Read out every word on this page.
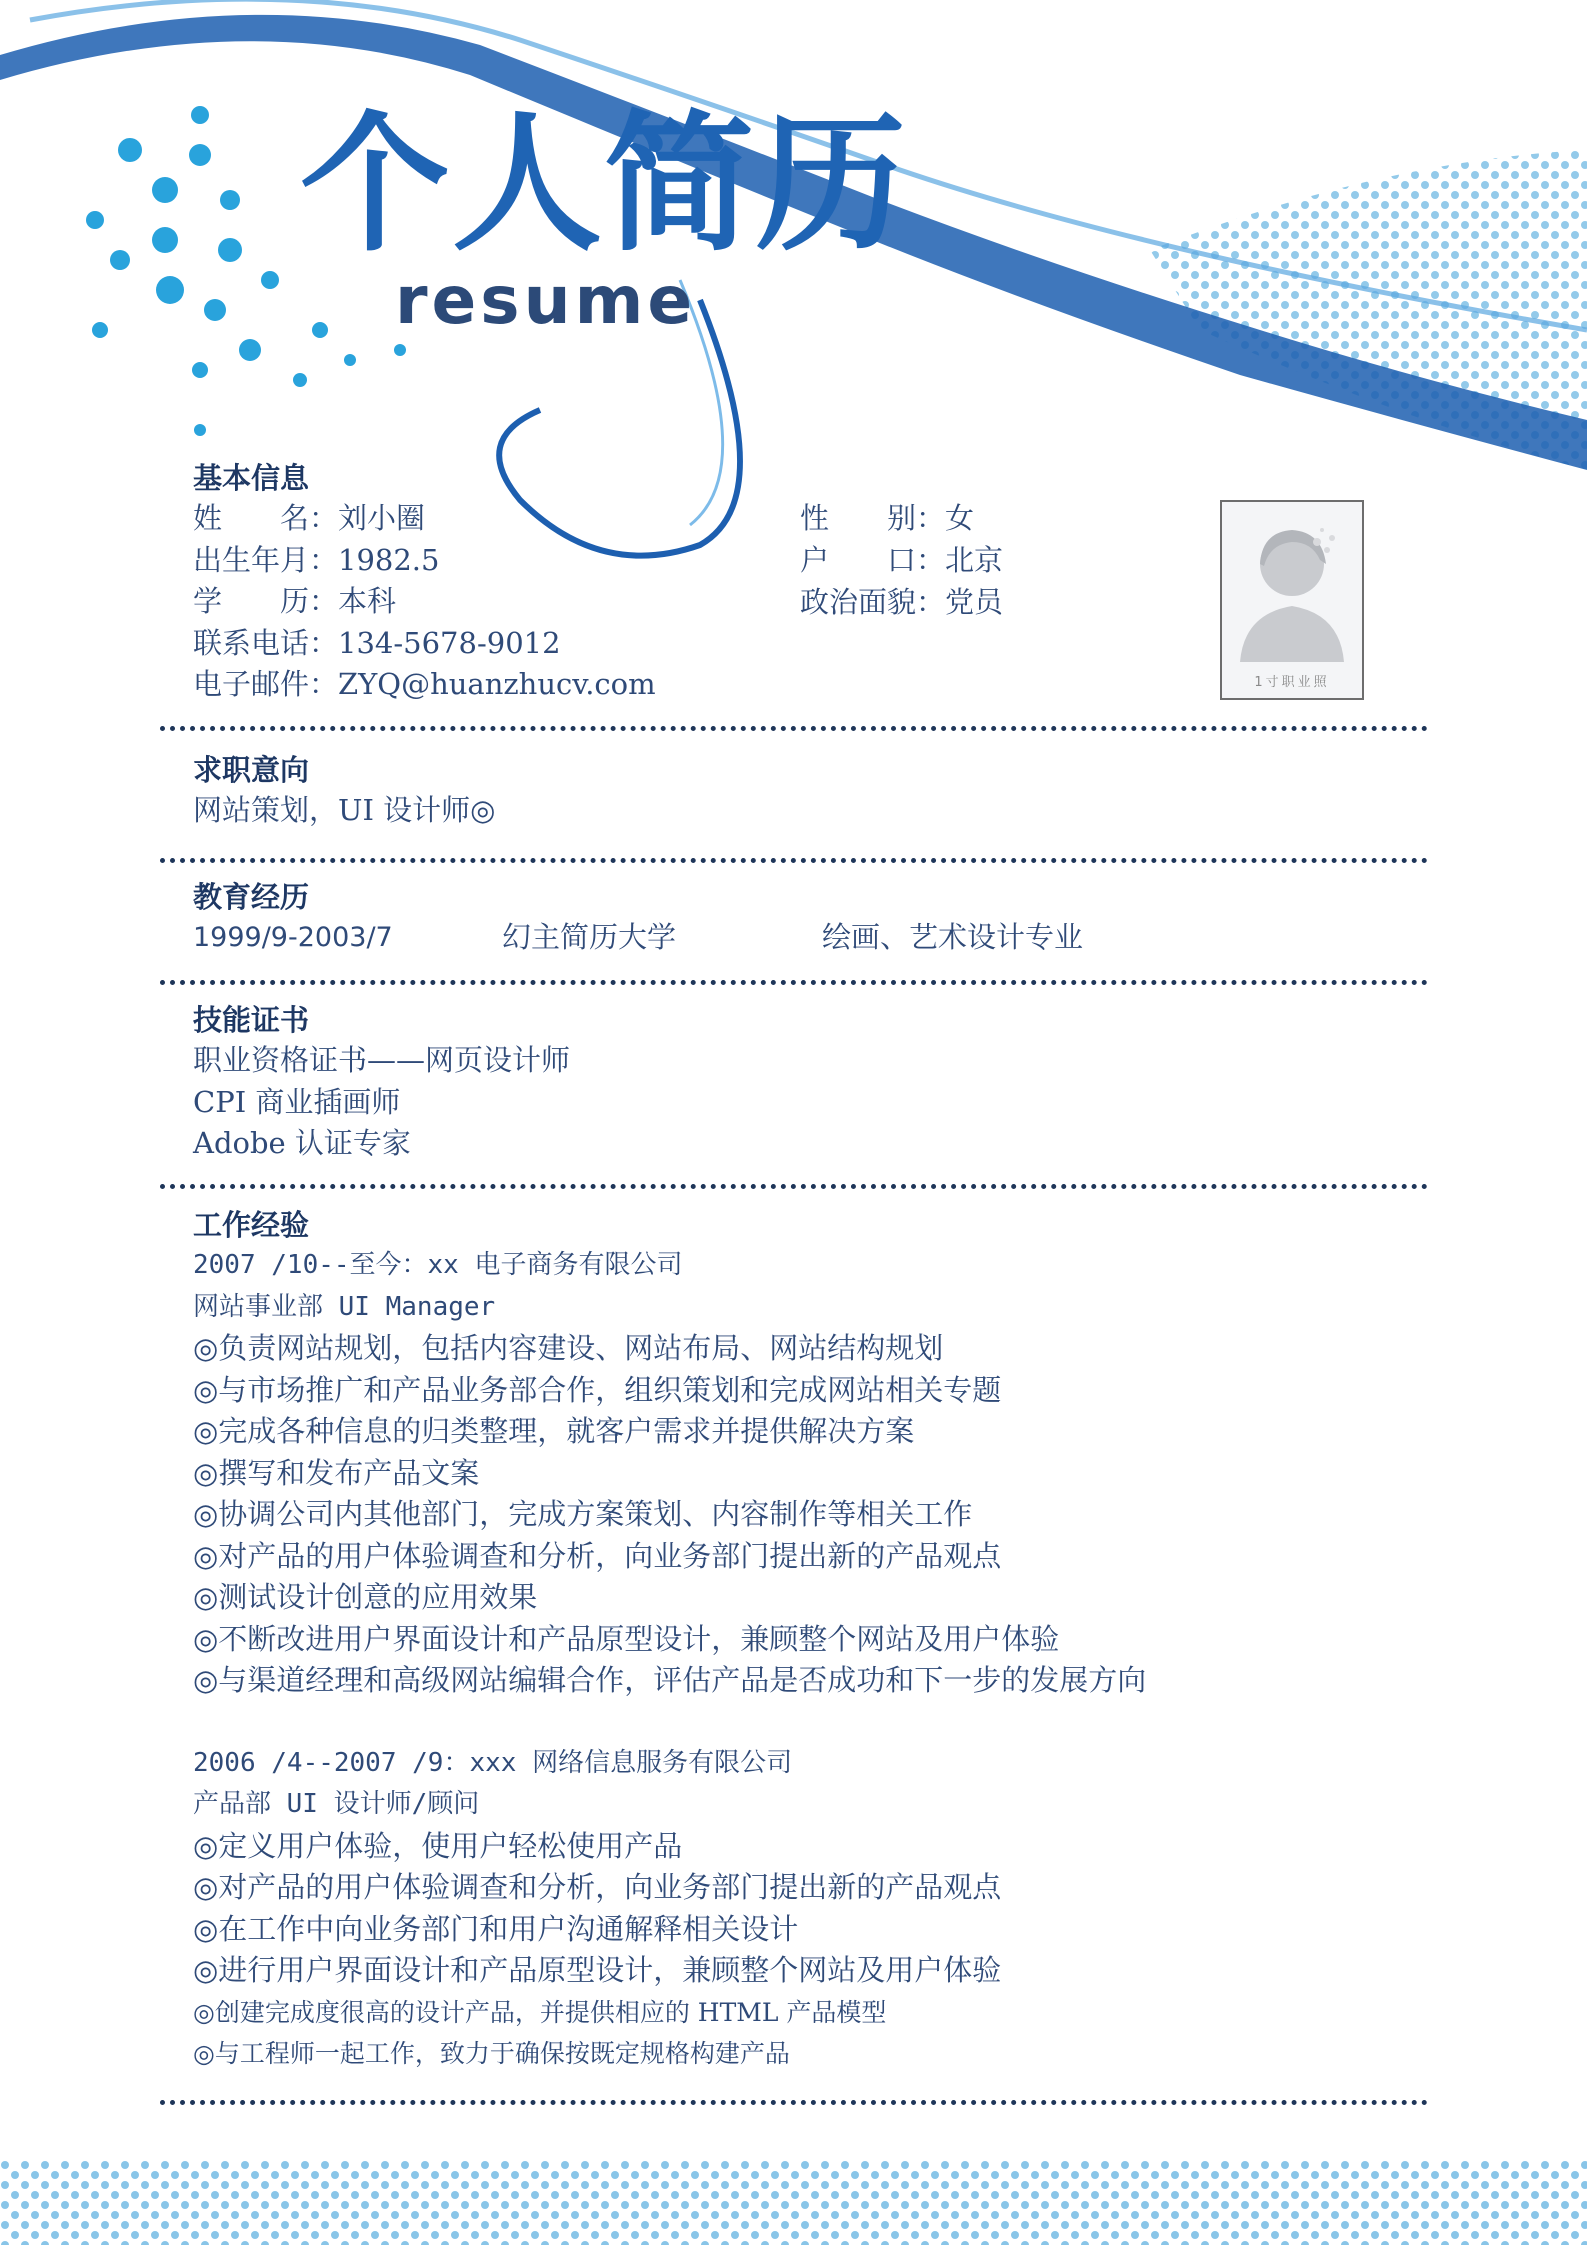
个人简历
resume
基本信息
姓　　名：刘小圈
出生年月：1982.5
学　　历：本科
联系电话：134-5678-9012
电子邮件：ZYQ@huanzhucv.com
性　　别：女
户　　口：北京
政治面貌：党员
1寸职业照
求职意向
网站策划，UI 设计师◎
教育经历
1999/9-2003/7	幻主简历大学	绘画、艺术设计专业
技能证书
职业资格证书——网页设计师
CPI 商业插画师
Adobe 认证专家
工作经验
2007 /10--至今：xx 电子商务有限公司
网站事业部 UI Manager
◎负责网站规划，包括内容建设、网站布局、网站结构规划
◎与市场推广和产品业务部合作，组织策划和完成网站相关专题
◎完成各种信息的归类整理，就客户需求并提供解决方案
◎撰写和发布产品文案
◎协调公司内其他部门，完成方案策划、内容制作等相关工作
◎对产品的用户体验调查和分析，向业务部门提出新的产品观点
◎测试设计创意的应用效果
◎不断改进用户界面设计和产品原型设计，兼顾整个网站及用户体验
◎与渠道经理和高级网站编辑合作，评估产品是否成功和下一步的发展方向
2006 /4--2007 /9：xxx 网络信息服务有限公司
产品部 UI 设计师/顾问
◎定义用户体验，使用户轻松使用产品
◎对产品的用户体验调查和分析，向业务部门提出新的产品观点
◎在工作中向业务部门和用户沟通解释相关设计
◎进行用户界面设计和产品原型设计，兼顾整个网站及用户体验
◎创建完成度很高的设计产品，并提供相应的 HTML 产品模型
◎与工程师一起工作，致力于确保按既定规格构建产品
